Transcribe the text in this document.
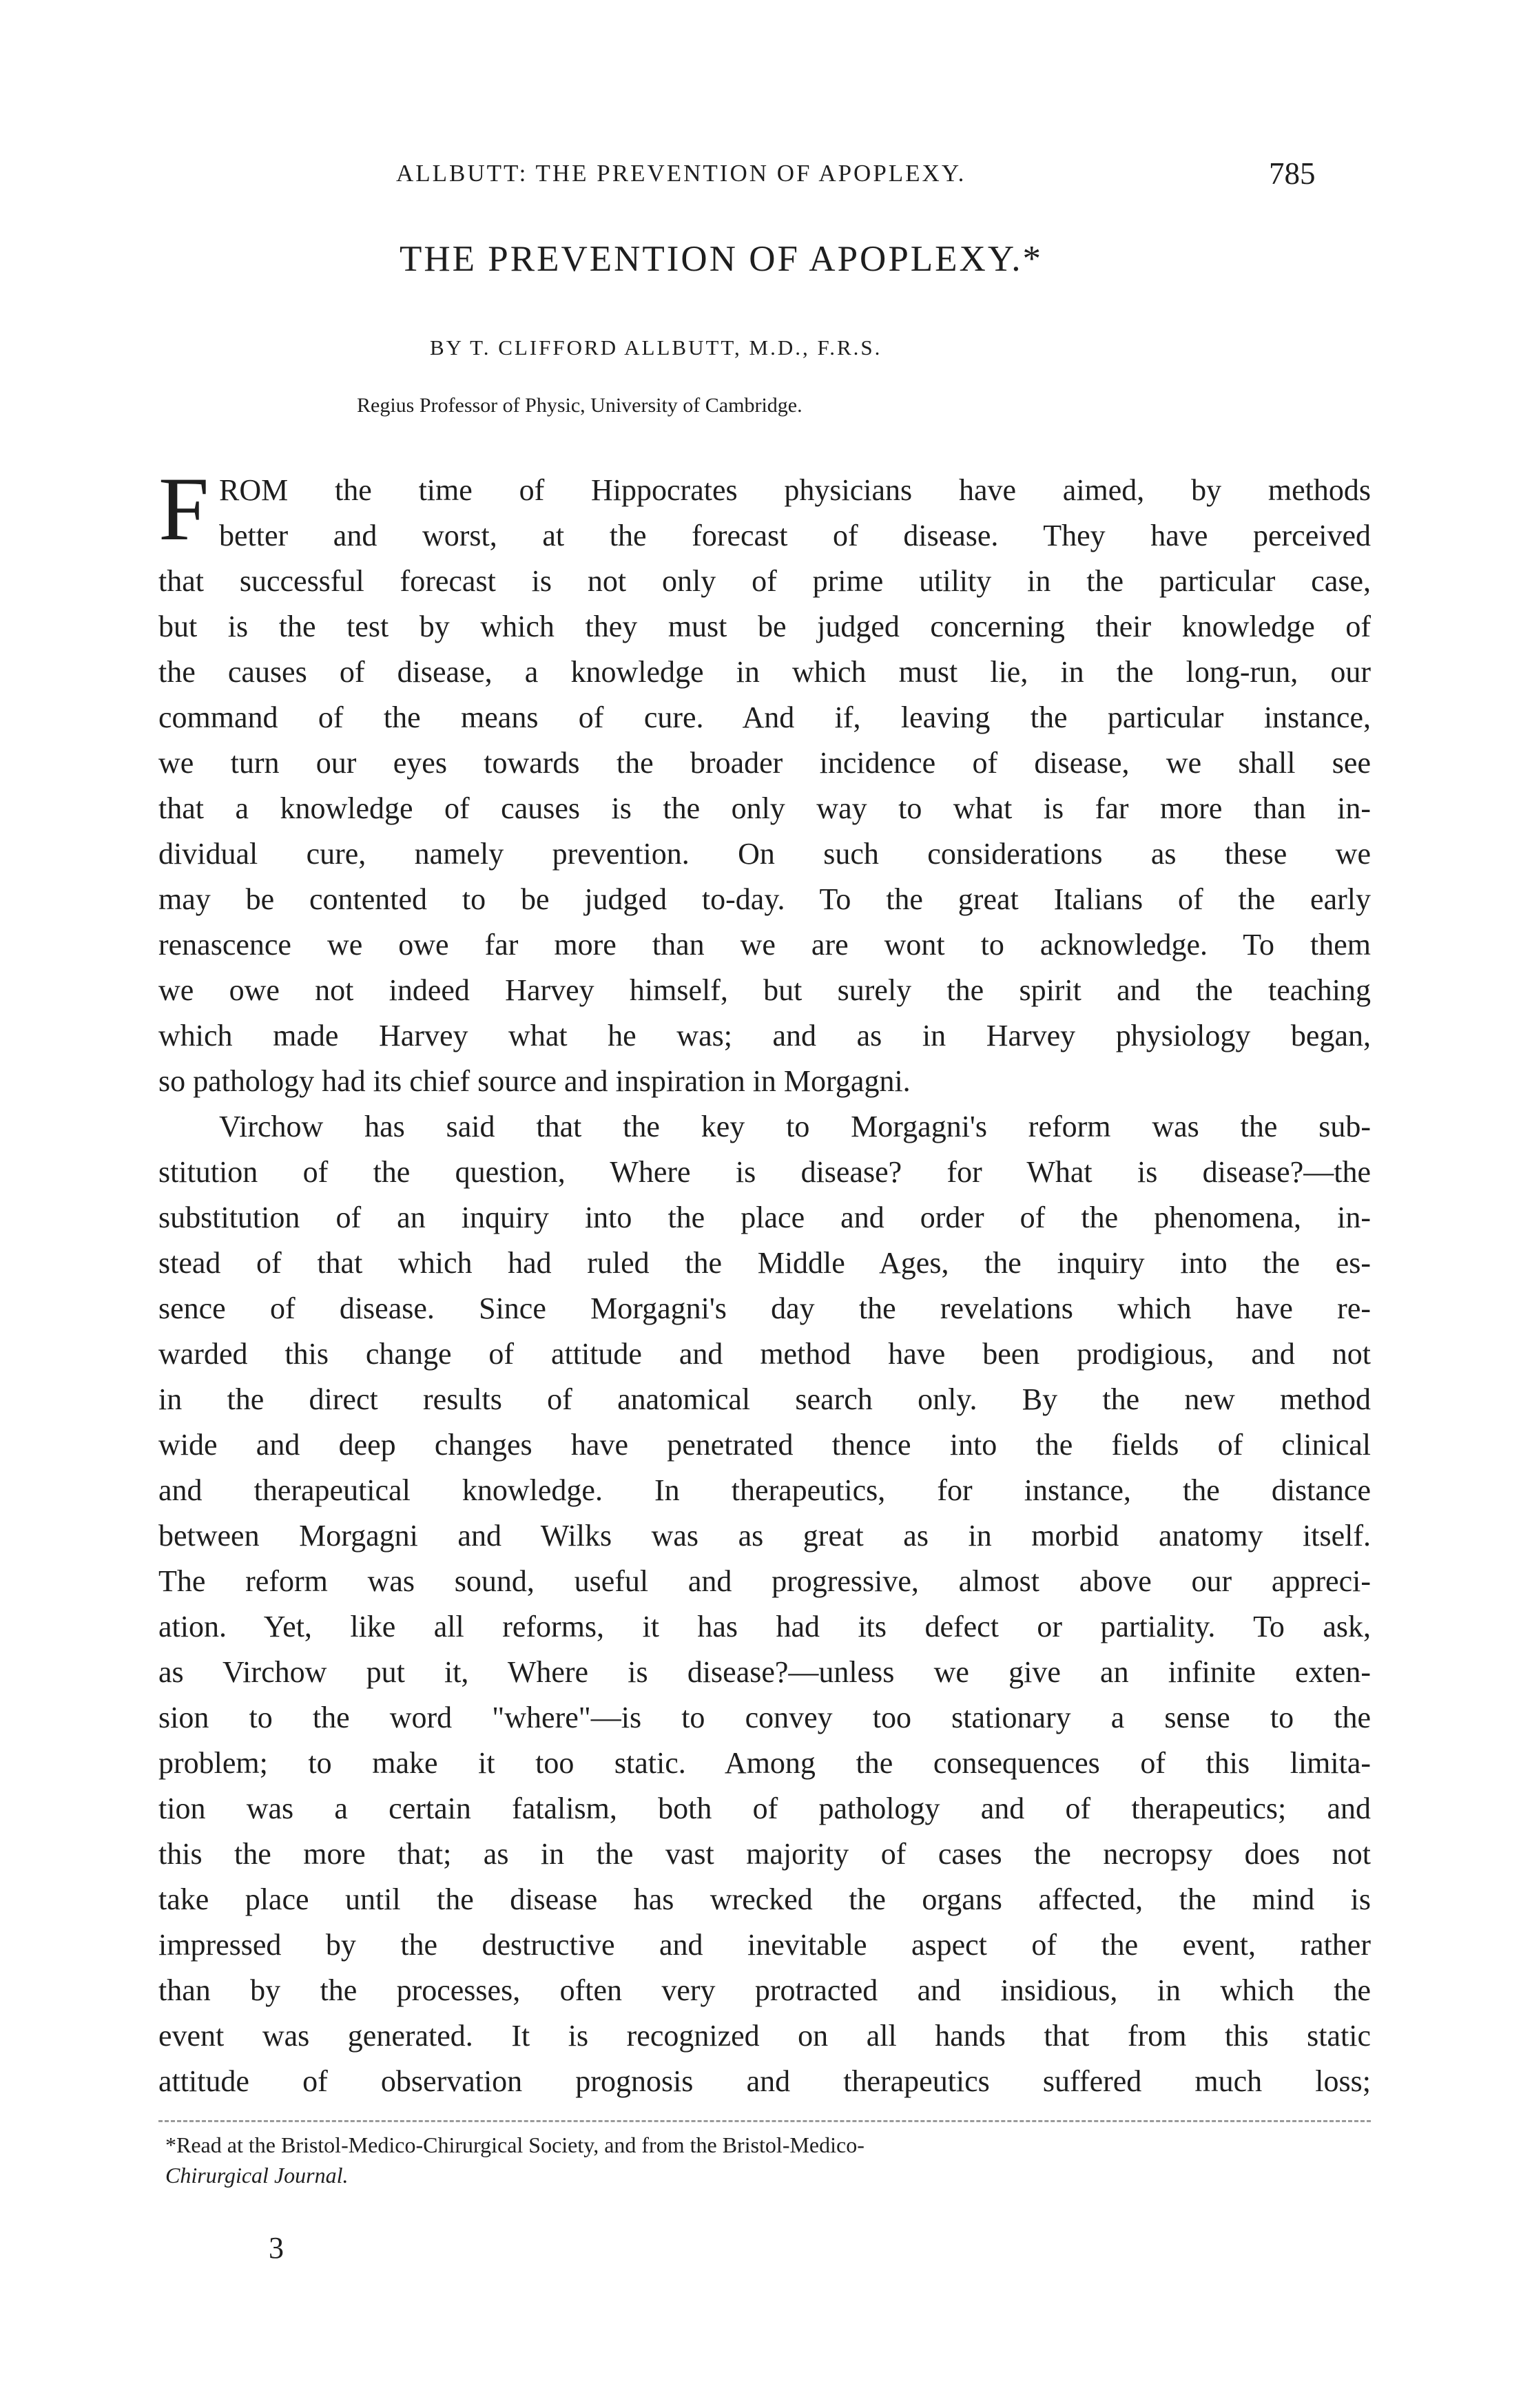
ALLBUTT: THE PREVENTION OF APOPLEXY.	785
THE PREVENTION OF APOPLEXY.*
BY T. CLIFFORD ALLBUTT, M.D., F.R.S.
Regius Professor of Physic, University of Cambridge.
F ROM the time of Hippocrates physicians have aimed, by methods
better and worst, at the forecast of disease. They have perceived
that successful forecast is not only of prime utility in the particular case,
but is the test by which they must be judged concerning their knowledge of
the causes of disease, a knowledge in which must lie, in the long-run, our
command of the means of cure. And if, leaving the particular instance,
we turn our eyes towards the broader incidence of disease, we shall see
that a knowledge of causes is the only way to what is far more than in-
dividual cure, namely prevention. On such considerations as these we
may be contented to be judged to-day. To the great Italians of the early
renascence we owe far more than we are wont to acknowledge. To them
we owe not indeed Harvey himself, but surely the spirit and the teaching
which made Harvey what he was; and as in Harvey physiology began,
so pathology had its chief source and inspiration in Morgagni.
Virchow has said that the key to Morgagni's reform was the sub-
stitution of the question, Where is disease? for What is disease?—the
substitution of an inquiry into the place and order of the phenomena, in-
stead of that which had ruled the Middle Ages, the inquiry into the es-
sence of disease. Since Morgagni's day the revelations which have re-
warded this change of attitude and method have been prodigious, and not
in the direct results of anatomical search only. By the new method
wide and deep changes have penetrated thence into the fields of clinical
and therapeutical knowledge. In therapeutics, for instance, the distance
between Morgagni and Wilks was as great as in morbid anatomy itself.
The reform was sound, useful and progressive, almost above our appreci-
ation. Yet, like all reforms, it has had its defect or partiality. To ask,
as Virchow put it, Where is disease?—unless we give an infinite exten-
sion to the word "where"—is to convey too stationary a sense to the
problem; to make it too static. Among the consequences of this limita-
tion was a certain fatalism, both of pathology and of therapeutics; and
this the more that; as in the vast majority of cases the necropsy does not
take place until the disease has wrecked the organs affected, the mind is
impressed by the destructive and inevitable aspect of the event, rather
than by the processes, often very protracted and insidious, in which the
event was generated. It is recognized on all hands that from this static
attitude of observation prognosis and therapeutics suffered much loss;
*Read at the Bristol-Medico-Chirurgical Society, and from the Bristol-Medico-
Chirurgical Journal.
3
